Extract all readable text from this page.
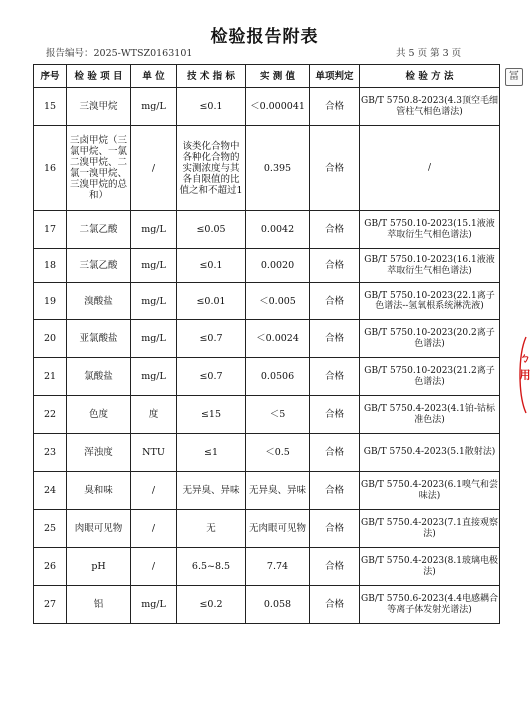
检验报告附表
报告编号：2025-WTSZ0163101	共 5 页 第 3 页
冨
ㄅ用
序号	检 验 项 目	单 位	技 术 指 标	实 测 值	单项判定	检 验 方 法
15	三溴甲烷	mg/L	≤0.1	＜0.000041	合格	GB/T 5750.8-2023(4.3顶空毛细管柱气相色谱法)
16	三卤甲烷（三氯甲烷、一氯二溴甲烷、二氯一溴甲烷、三溴甲烷的总和）	/	该类化合物中各种化合物的实测浓度与其各自限值的比值之和不超过1	0.395	合格	/
17	二氯乙酸	mg/L	≤0.05	0.0042	合格	GB/T 5750.10-2023(15.1液液萃取衍生气相色谱法)
18	三氯乙酸	mg/L	≤0.1	0.0020	合格	GB/T 5750.10-2023(16.1液液萃取衍生气相色谱法)
19	溴酸盐	mg/L	≤0.01	＜0.005	合格	GB/T 5750.10-2023(22.1离子色谱法--氢氧根系统淋洗液)
20	亚氯酸盐	mg/L	≤0.7	＜0.0024	合格	GB/T 5750.10-2023(20.2离子色谱法)
21	氯酸盐	mg/L	≤0.7	0.0506	合格	GB/T 5750.10-2023(21.2离子色谱法)
22	色度	度	≤15	＜5	合格	GB/T 5750.4-2023(4.1铂-钴标准色法)
23	浑浊度	NTU	≤1	＜0.5	合格	GB/T 5750.4-2023(5.1散射法)
24	臭和味	/	无异臭、异味	无异臭、异味	合格	GB/T 5750.4-2023(6.1嗅气和尝味法)
25	肉眼可见物	/	无	无肉眼可见物	合格	GB/T 5750.4-2023(7.1直接观察法)
26	pH	/	6.5~8.5	7.74	合格	GB/T 5750.4-2023(8.1玻璃电极法)
27	铝	mg/L	≤0.2	0.058	合格	GB/T 5750.6-2023(4.4电感耦合等离子体发射光谱法)
